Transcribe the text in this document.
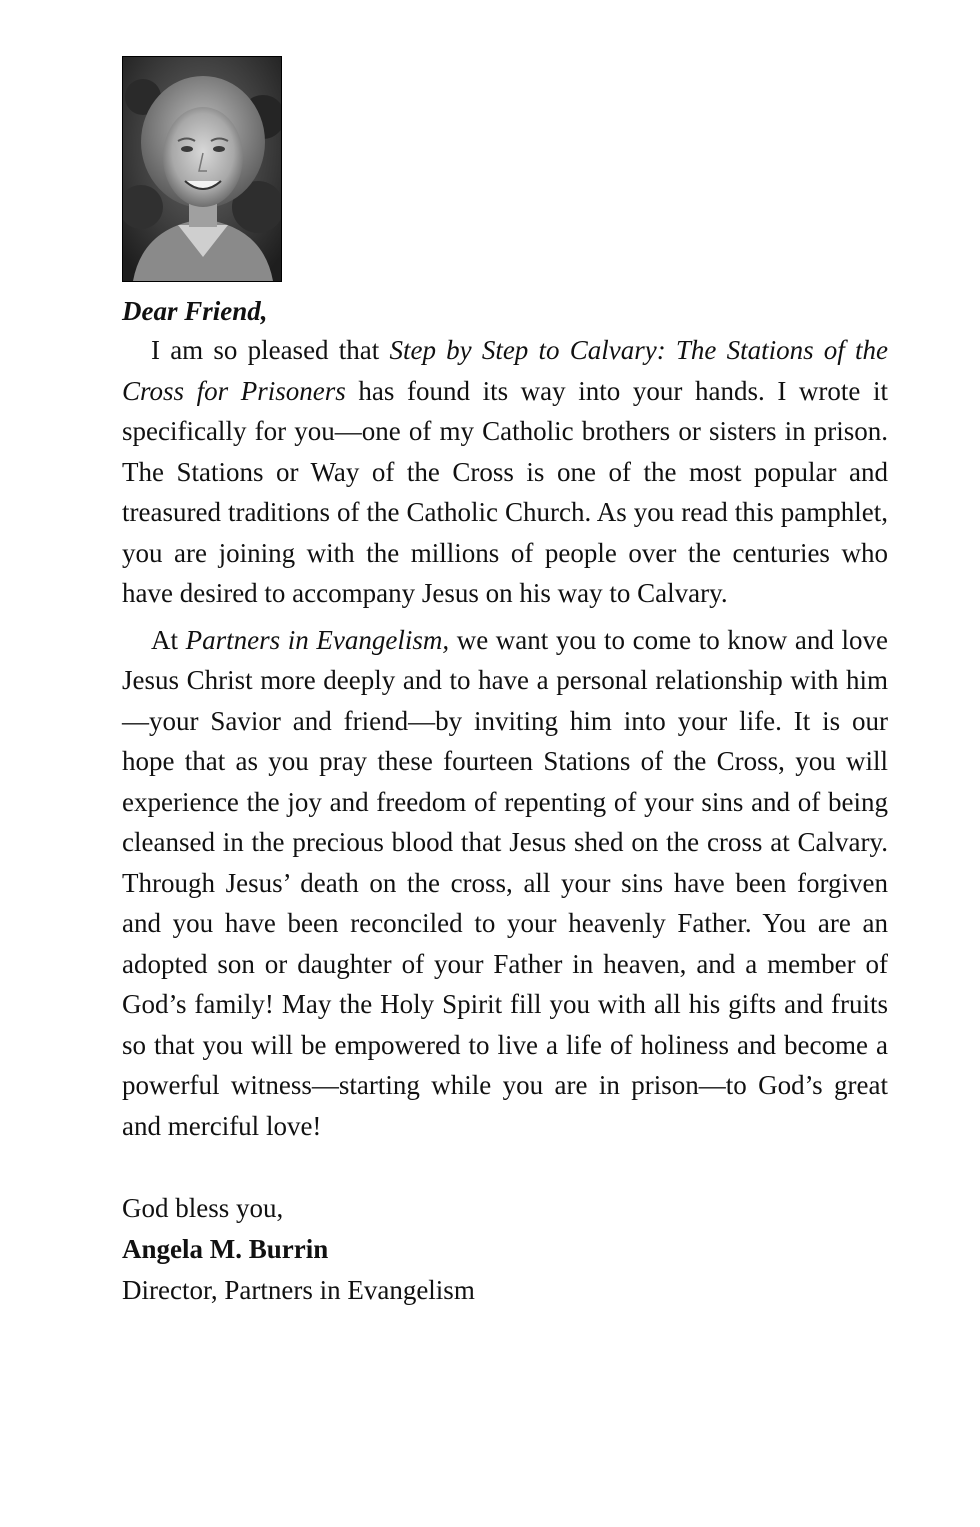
Dear Friend,

I am so pleased that Step by Step to Calvary: The Stations of the Cross for Prisoners has found its way into your hands. I wrote it specifically for you—one of my Catholic brothers or sisters in prison. The Stations or Way of the Cross is one of the most popular and treasured traditions of the Catholic Church. As you read this pamphlet, you are joining with the millions of people over the centuries who have desired to accompany Jesus on his way to Calvary.

At Partners in Evangelism, we want you to come to know and love Jesus Christ more deeply and to have a personal relationship with him—your Savior and friend—by inviting him into your life. It is our hope that as you pray these fourteen Stations of the Cross, you will experience the joy and freedom of repenting of your sins and of being cleansed in the precious blood that Jesus shed on the cross at Calvary. Through Jesus’ death on the cross, all your sins have been forgiven and you have been reconciled to your heavenly Father. You are an adopted son or daughter of your Father in heaven, and a member of God’s family! May the Holy Spirit fill you with all his gifts and fruits so that you will be empowered to live a life of holiness and become a powerful witness—starting while you are in prison—to God’s great and merciful love!

God bless you,
Angela M. Burrin
Director, Partners in Evangelism
